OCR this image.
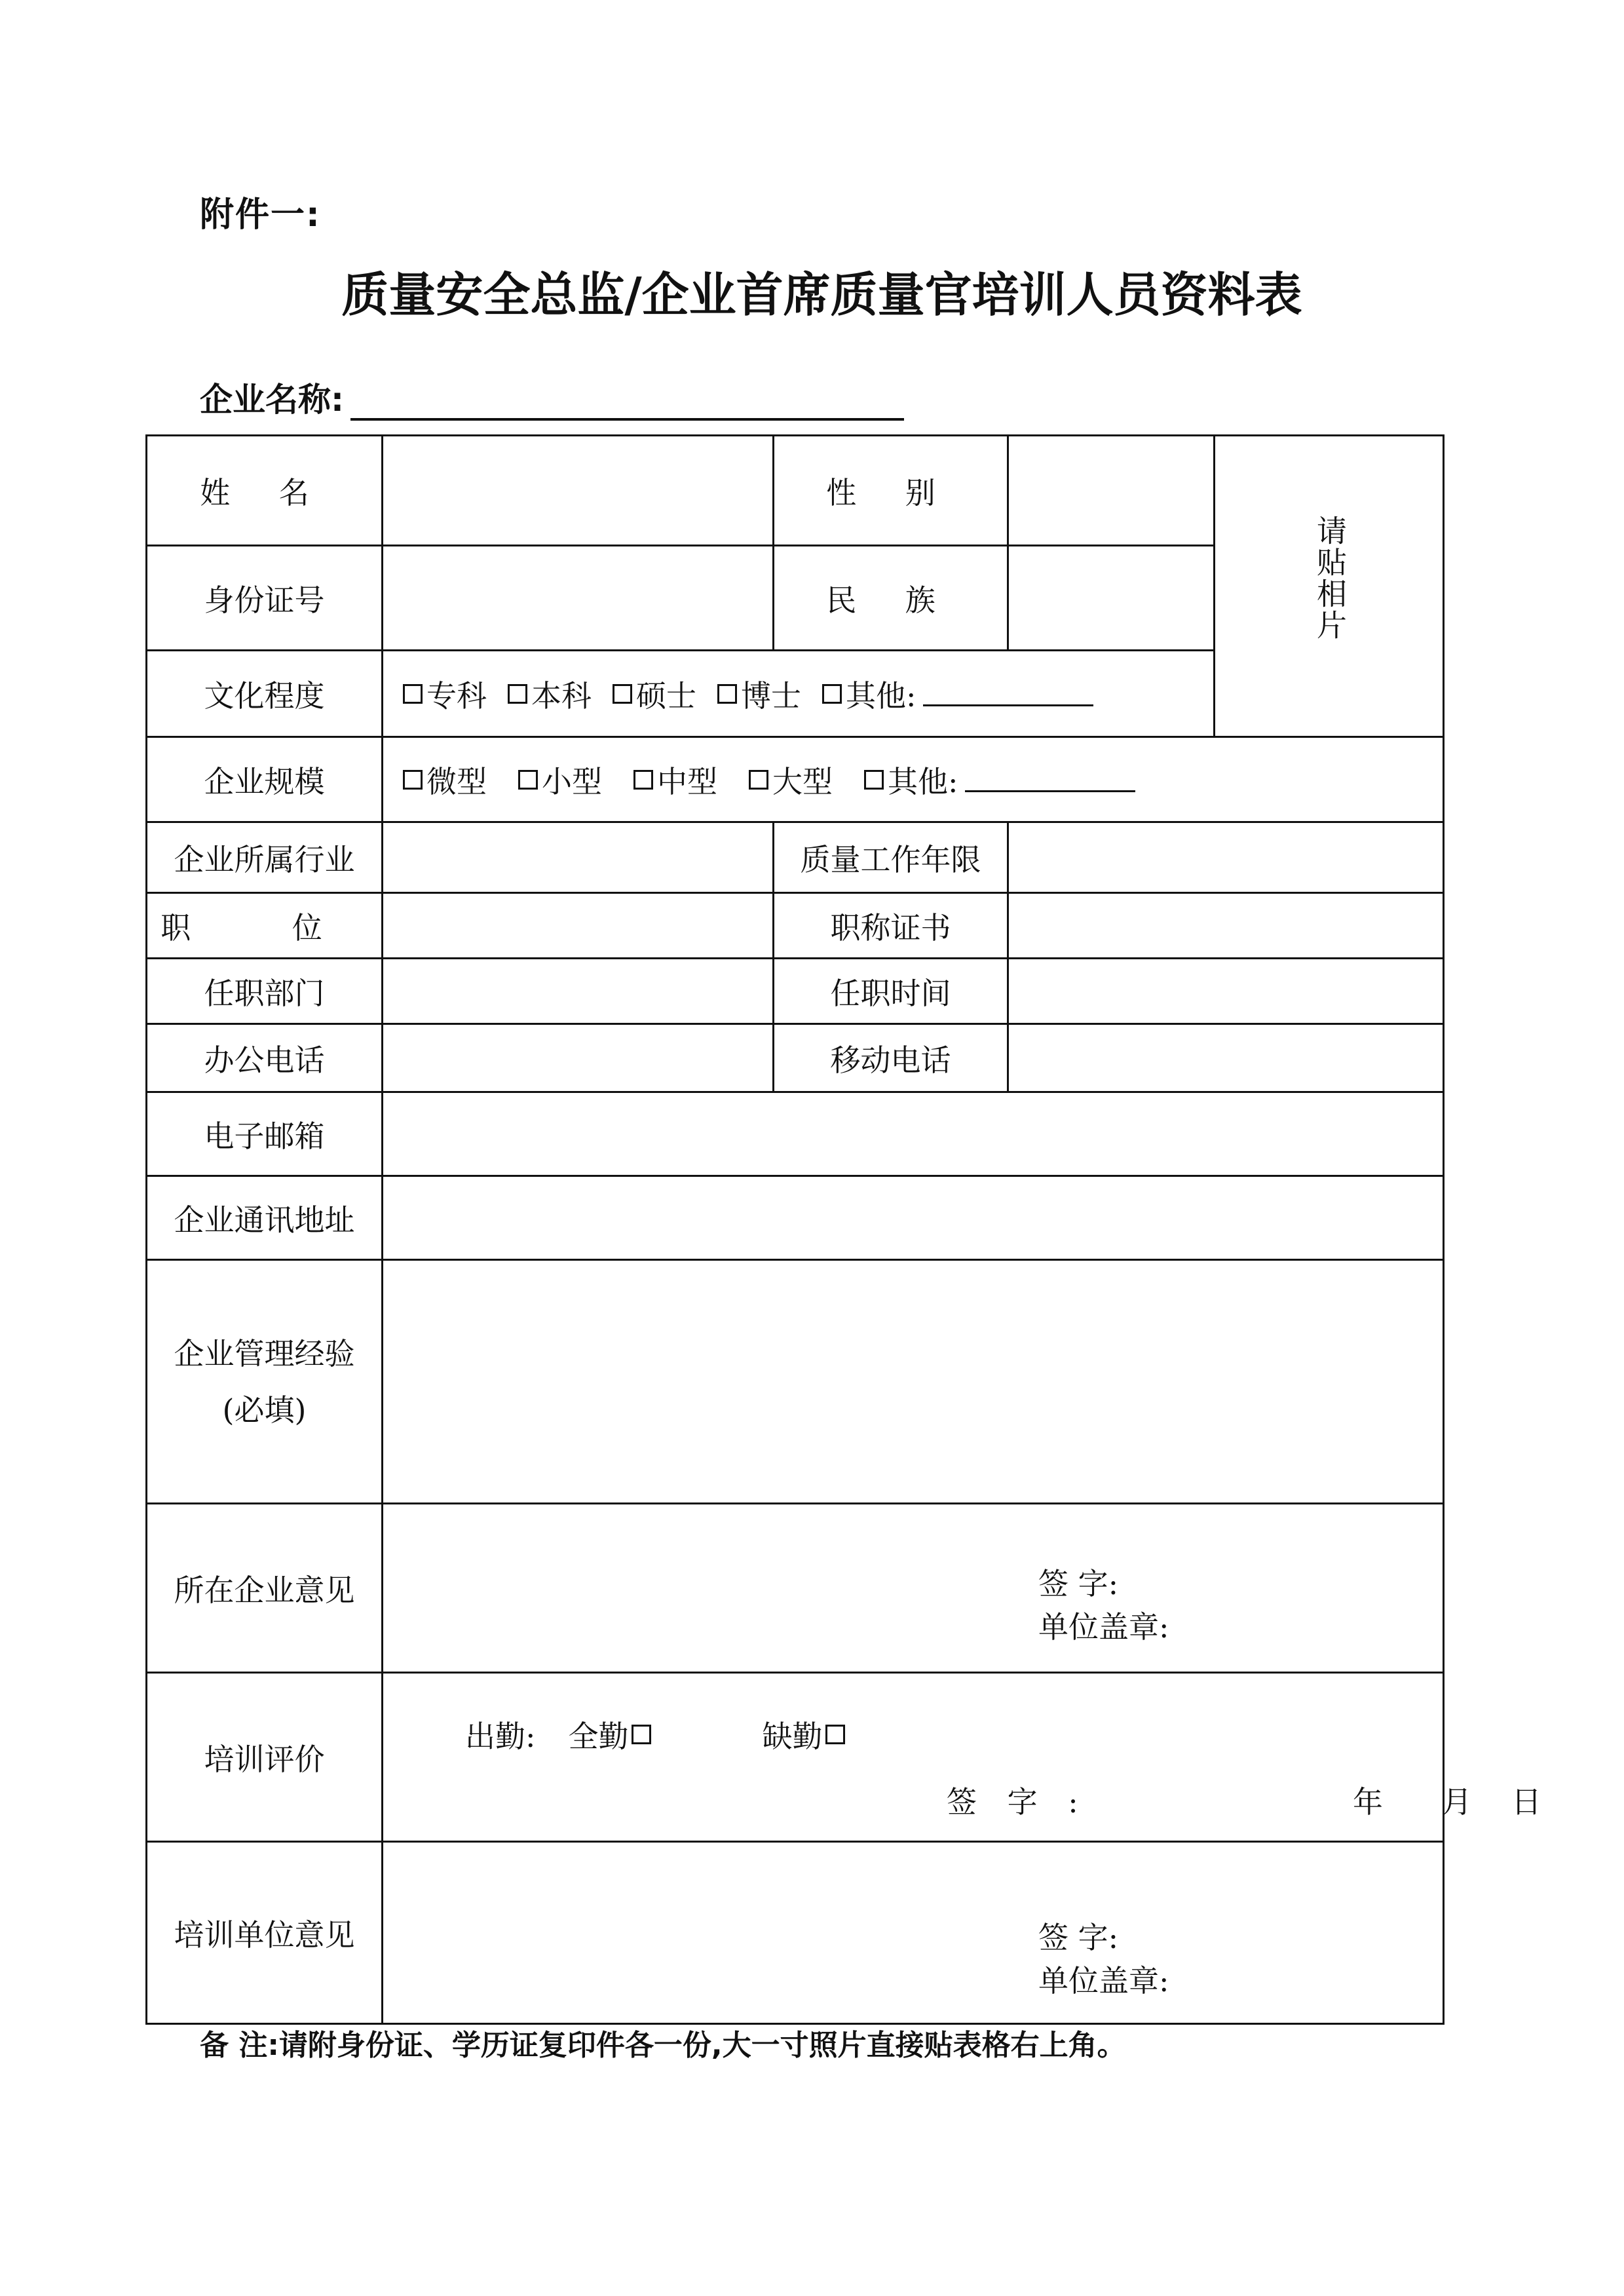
附件一:
质量安全总监/企业首席质量官培训人员资料表
企业名称:
姓 名	性 别
请贴相片
身份证号	民 族
文化程度	专科 本科 硕士 博士 其他:
企业规模	微型 小型 中型 大型 其他:
企业所属行业	质量工作年限
职 位	职称证书
任职部门	任职时间
办公电话	移动电话
电子邮箱
企业通讯地址
企业管理经验
(必填)
所在企业意见	签 字:
单位盖章:
培训评价
出勤: 全勤	缺勤
签 字 :	年 月 日
培训单位意见	签 字:
单位盖章:
备 注:请附身份证、学历证复印件各一份,大一寸照片直接贴表格右上角。
